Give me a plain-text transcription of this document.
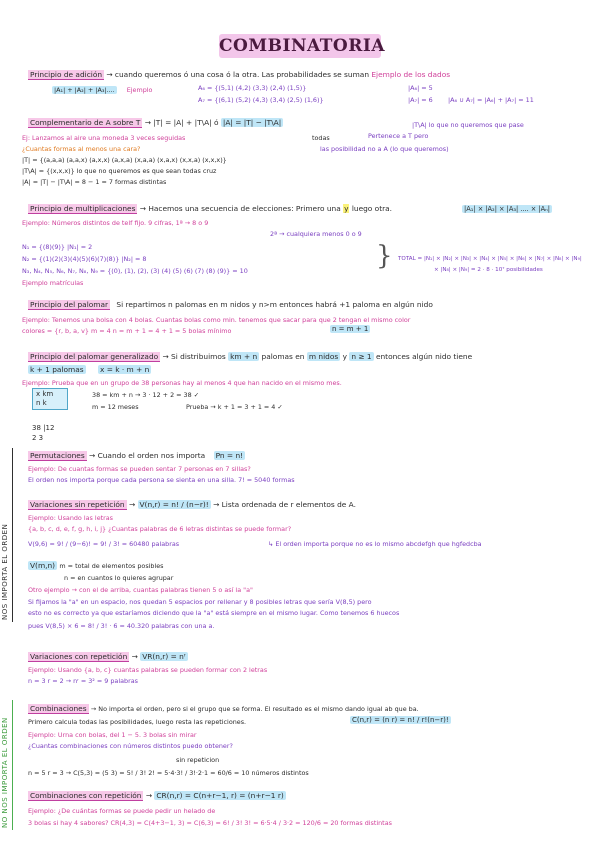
COMBINATORIA
Principio de adición → cuando queremos ó una cosa ó la otra. Las probabilidades se suman Ejemplo de los dados
|A₁| + |A₂| + |A₃|.... Ejemplo	A₆ = {(5,1) (4,2) (3,3) (2,4) (1,5)}
A₇ = {(6,1) (5,2) (4,3) (3,4) (2,5) (1,6)}
|A₆| = 5
|A₇| = 6 |A₆ ∪ A₇| = |A₆| + |A₇| = 11
Complementario de A sobre T → |T| = |A| + |T\A| ó |A| = |T| − |T\A|	|T\A| lo que no queremos que pase
Ej: Lanzamos al aire una moneda 3 veces seguidas	todas	Pertenece a T pero
¿Cuantas formas al menos una cara?	las posibilidad no a A (lo que queremos)
|T| = {(a,a,a) (a,a,x) (a,x,x) (a,x,a) (x,a,a) (x,a,x) (x,x,a) (x,x,x)}
|T\A| = {(x,x,x)} lo que no queremos es que sean todas cruz
|A| = |T| − |T\A| = 8 − 1 = 7 formas distintas
Principio de multiplicaciones → Hacemos una secuencia de elecciones: Primero una y luego otra.	|A₁| × |A₂| × |A₃| .... × |Aₙ|
Ejemplo: Números distintos de telf fijo. 9 cifras, 1ª → 8 o 9
2ª → cualquiera menos 0 o 9
N₁ = {(8)(9)} |N₁| = 2
N₂ = {(1)(2)(3)(4)(5)(6)(7)(8)} |N₂| = 8
N₃, N₄, N₅, N₆, N₇, N₈, N₉ = {(0), (1), (2), (3) (4) (5) (6) (7) (8) (9)} = 10	} TOTAL = |N₁| × |N₂| × |N₃| × |N₄| × |N₅| × |N₆| × |N₇| × |N₈| × |N₉|
× |N₈| × |N₉| = 2 · 8 · 10⁷ posibilidades
Ejemplo matrículas
Principio del palomar Si repartimos n palomas en m nidos y n>m entonces habrá +1 paloma en algún nido
Ejemplo: Tenemos una bolsa con 4 bolas. Cuantas bolas como min. tenemos que sacar para que 2 tengan el mismo color
colores = {r, b, a, v} m = 4 n = m + 1 = 4 + 1 = 5 bolas mínimo	n = m + 1
Principio del palomar generalizado → Si distribuimos km + n palomas en m nidos y n ≥ 1 entonces algún nido tiene
k + 1 palomas x = k · m + n
Ejemplo: Prueba que en un grupo de 38 personas hay al menos 4 que han nacido en el mismo mes.
x km
n k
38 = km + n → 3 · 12 + 2 = 38 ✓
m = 12 meses	Prueba → k + 1 = 3 + 1 = 4 ✓
38 |12
2 3
NOS IMPORTA EL ORDEN
Permutaciones → Cuando el orden nos importa Pn = n!
Ejemplo: De cuantas formas se pueden sentar 7 personas en 7 sillas?
El orden nos importa porque cada persona se sienta en una silla. 7! = 5040 formas
Variaciones sin repetición → V(n,r) = n! / (n−r)! → Lista ordenada de r elementos de A.
Ejemplo: Usando las letras
{a, b, c, d, e, f, g, h, i, j} ¿Cuantas palabras de 6 letras distintas se puede formar?
V(9,6) = 9! / (9−6)! = 9! / 3! = 60480 palabras	↳ El orden importa porque no es lo mismo abcdefgh que hgfedcba
V(m,n) m = total de elementos posibles
n = en cuantos lo quieres agrupar
Otro ejemplo → con el de arriba, cuantas palabras tienen 5 o así la "a"
Si fijamos la "a" en un espacio, nos quedan 5 espacios por rellenar y 8 posibles letras que sería V(8,5) pero
esto no es correcto ya que estaríamos diciendo que la "a" está siempre en el mismo lugar. Como tenemos 6 huecos
pues V(8,5) × 6 = 8! / 3! · 6 = 40.320 palabras con una a.
Variaciones con repetición → VR(n,r) = nʳ
Ejemplo: Usando {a, b, c} cuantas palabras se pueden formar con 2 letras
n = 3 r = 2 → nʳ = 3² = 9 palabras
NO NOS IMPORTA EL ORDEN
Combinaciones → No importa el orden, pero si el grupo que se forma. El resultado es el mismo dando igual ab que ba.
Primero calcula todas las posibilidades, luego resta las repeticiones.	C(n,r) = (n r) = n! / r!(n−r)!
Ejemplo: Urna con bolas, del 1 − 5. 3 bolas sin mirar
¿Cuantas combinaciones con números distintos puedo obtener?
sin repeticion
n = 5 r = 3 → C(5,3) = (5 3) = 5! / 3! 2! = 5·4·3! / 3!·2·1 = 60/6 = 10 números distintos
Combinaciones con repetición → CR(n,r) = C(n+r−1, r) = (n+r−1 r)
Ejemplo: ¿De cuántas formas se puede pedir un helado de
3 bolas si hay 4 sabores? CR(4,3) = C(4+3−1, 3) = C(6,3) = 6! / 3! 3! = 6·5·4 / 3·2 = 120/6 = 20 formas distintas
